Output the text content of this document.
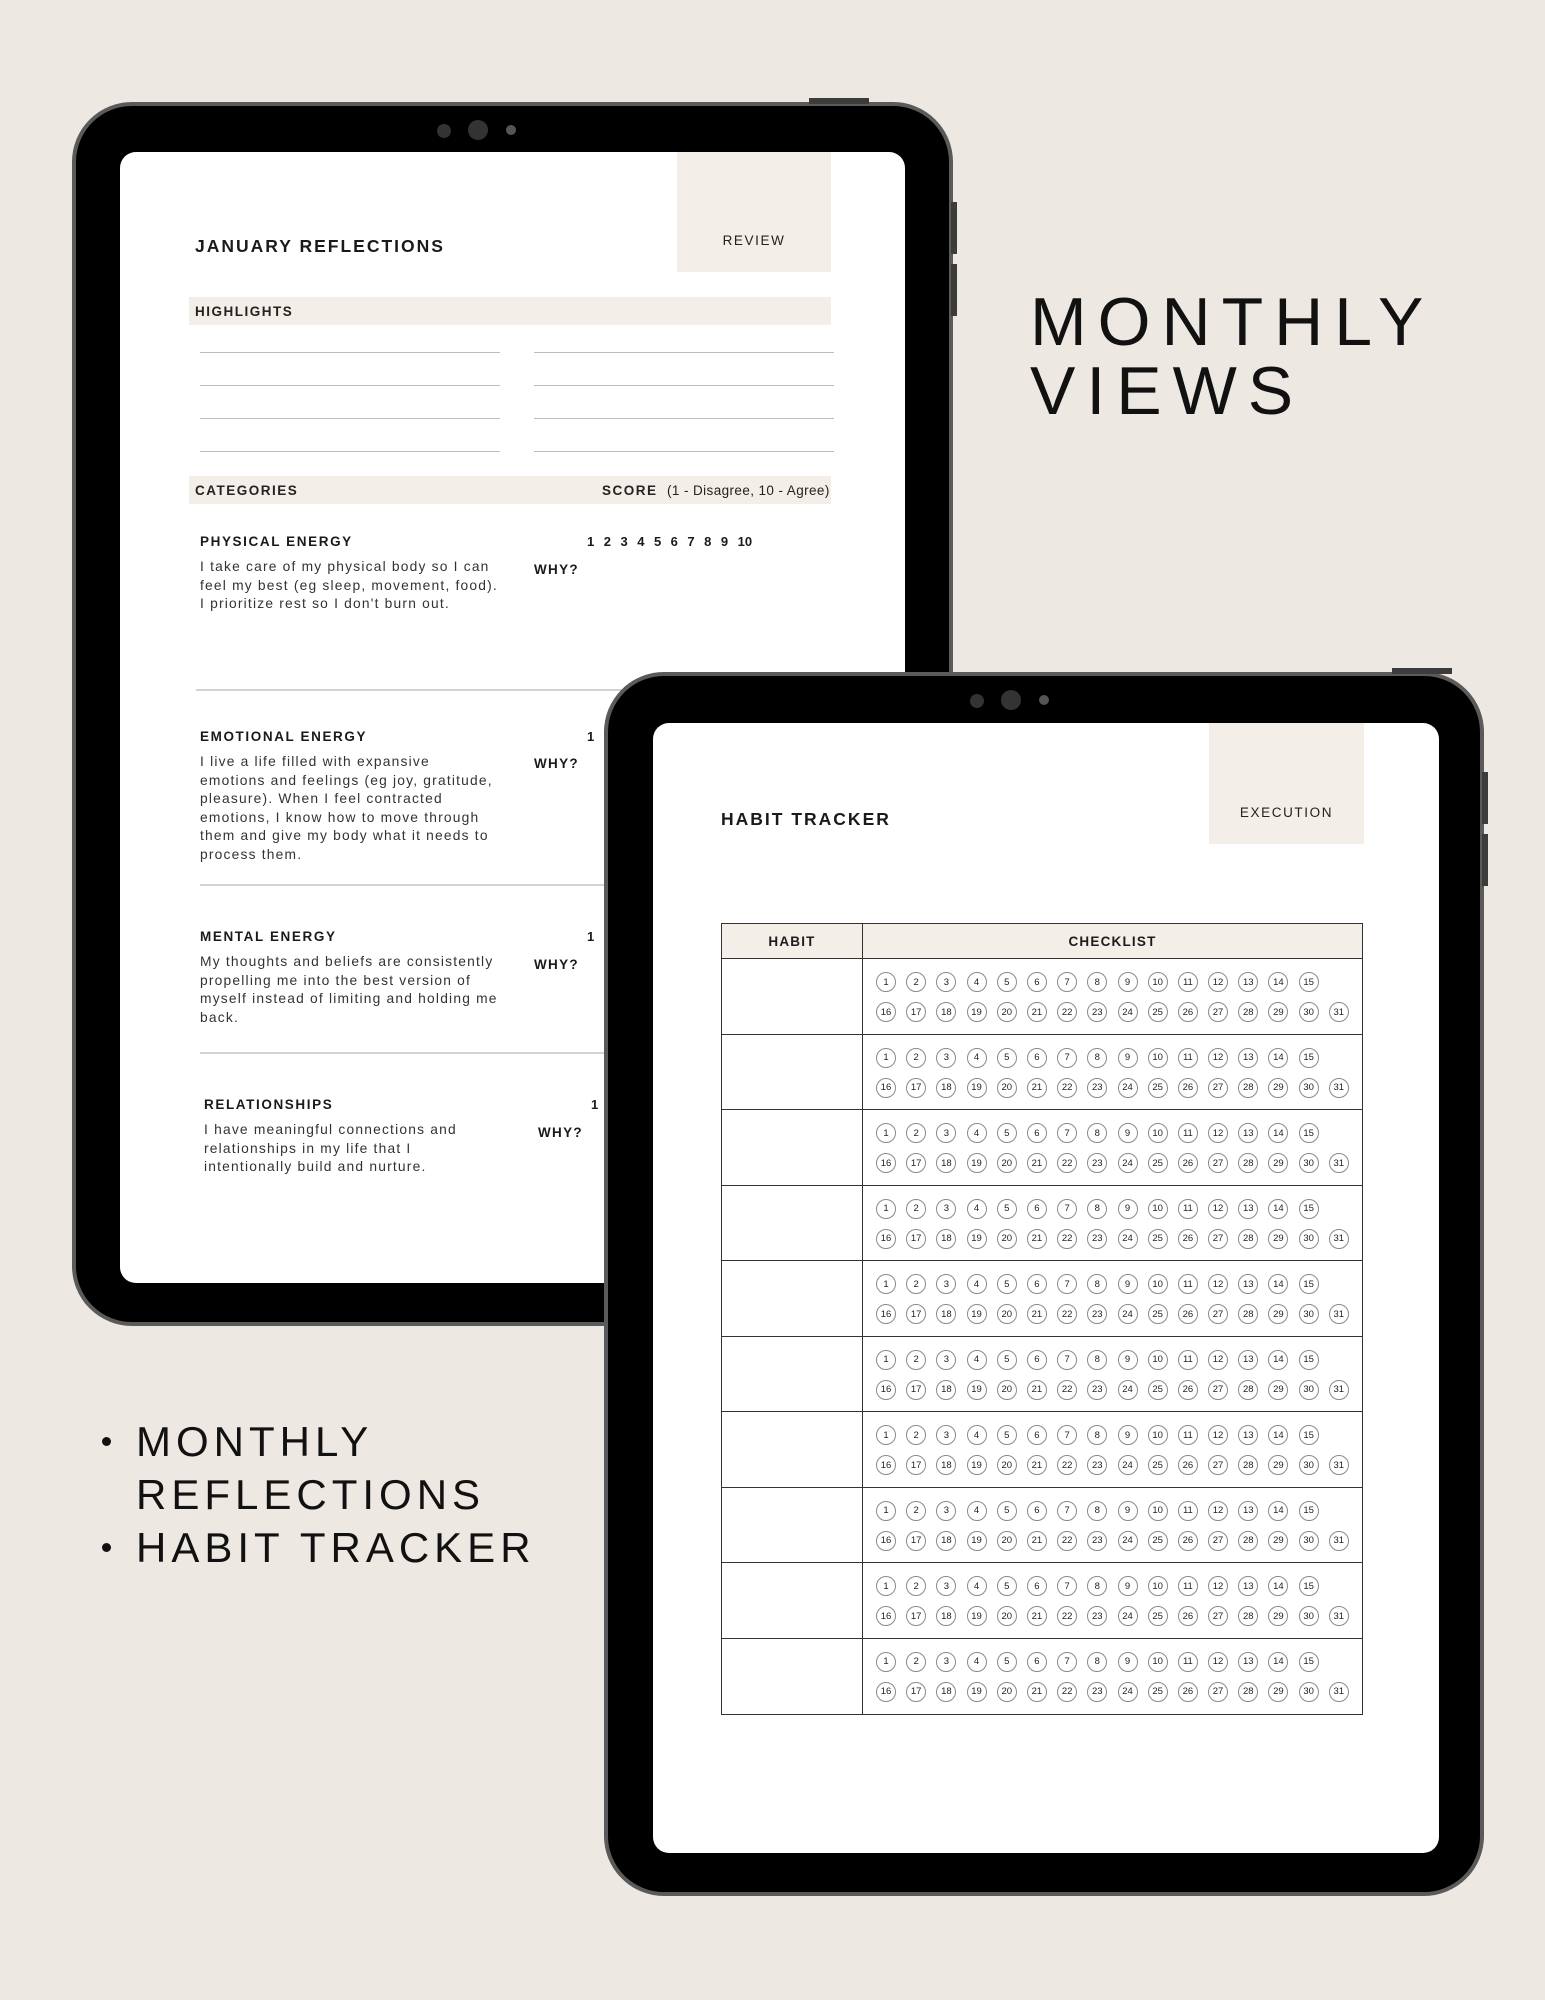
MONTHLY
VIEWS
MONTHLY
REFLECTIONS
HABIT TRACKER
REVIEW
JANUARY REFLECTIONS
HIGHLIGHTS
CATEGORIES	SCORE (1 - Disagree, 10 - Agree)
PHYSICAL ENERGY
I take care of my physical body so I can feel my best (eg sleep, movement, food). I prioritize rest so I don't burn out.
1 2 3 4 5 6 7 8 9 10
WHY?
EMOTIONAL ENERGY
I live a life filled with expansive emotions and feelings (eg joy, gratitude, pleasure). When I feel contracted emotions, I know how to move through them and give my body what it needs to process them.
1
WHY?
MENTAL ENERGY
My thoughts and beliefs are consistently propelling me into the best version of myself instead of limiting and holding me back.
1
WHY?
RELATIONSHIPS
I have meaningful connections and relationships in my life that I intentionally build and nurture.
1
WHY?
EXECUTION
HABIT TRACKER
HABIT	CHECKLIST
1	2	3	4	5	6	7	8	9	10	11	12	13	14	15
16	17	18	19	20	21	22	23	24	25	26	27	28	29	30	31
1	2	3	4	5	6	7	8	9	10	11	12	13	14	15
16	17	18	19	20	21	22	23	24	25	26	27	28	29	30	31
1	2	3	4	5	6	7	8	9	10	11	12	13	14	15
16	17	18	19	20	21	22	23	24	25	26	27	28	29	30	31
1	2	3	4	5	6	7	8	9	10	11	12	13	14	15
16	17	18	19	20	21	22	23	24	25	26	27	28	29	30	31
1	2	3	4	5	6	7	8	9	10	11	12	13	14	15
16	17	18	19	20	21	22	23	24	25	26	27	28	29	30	31
1	2	3	4	5	6	7	8	9	10	11	12	13	14	15
16	17	18	19	20	21	22	23	24	25	26	27	28	29	30	31
1	2	3	4	5	6	7	8	9	10	11	12	13	14	15
16	17	18	19	20	21	22	23	24	25	26	27	28	29	30	31
1	2	3	4	5	6	7	8	9	10	11	12	13	14	15
16	17	18	19	20	21	22	23	24	25	26	27	28	29	30	31
1	2	3	4	5	6	7	8	9	10	11	12	13	14	15
16	17	18	19	20	21	22	23	24	25	26	27	28	29	30	31
1	2	3	4	5	6	7	8	9	10	11	12	13	14	15
16	17	18	19	20	21	22	23	24	25	26	27	28	29	30	31
